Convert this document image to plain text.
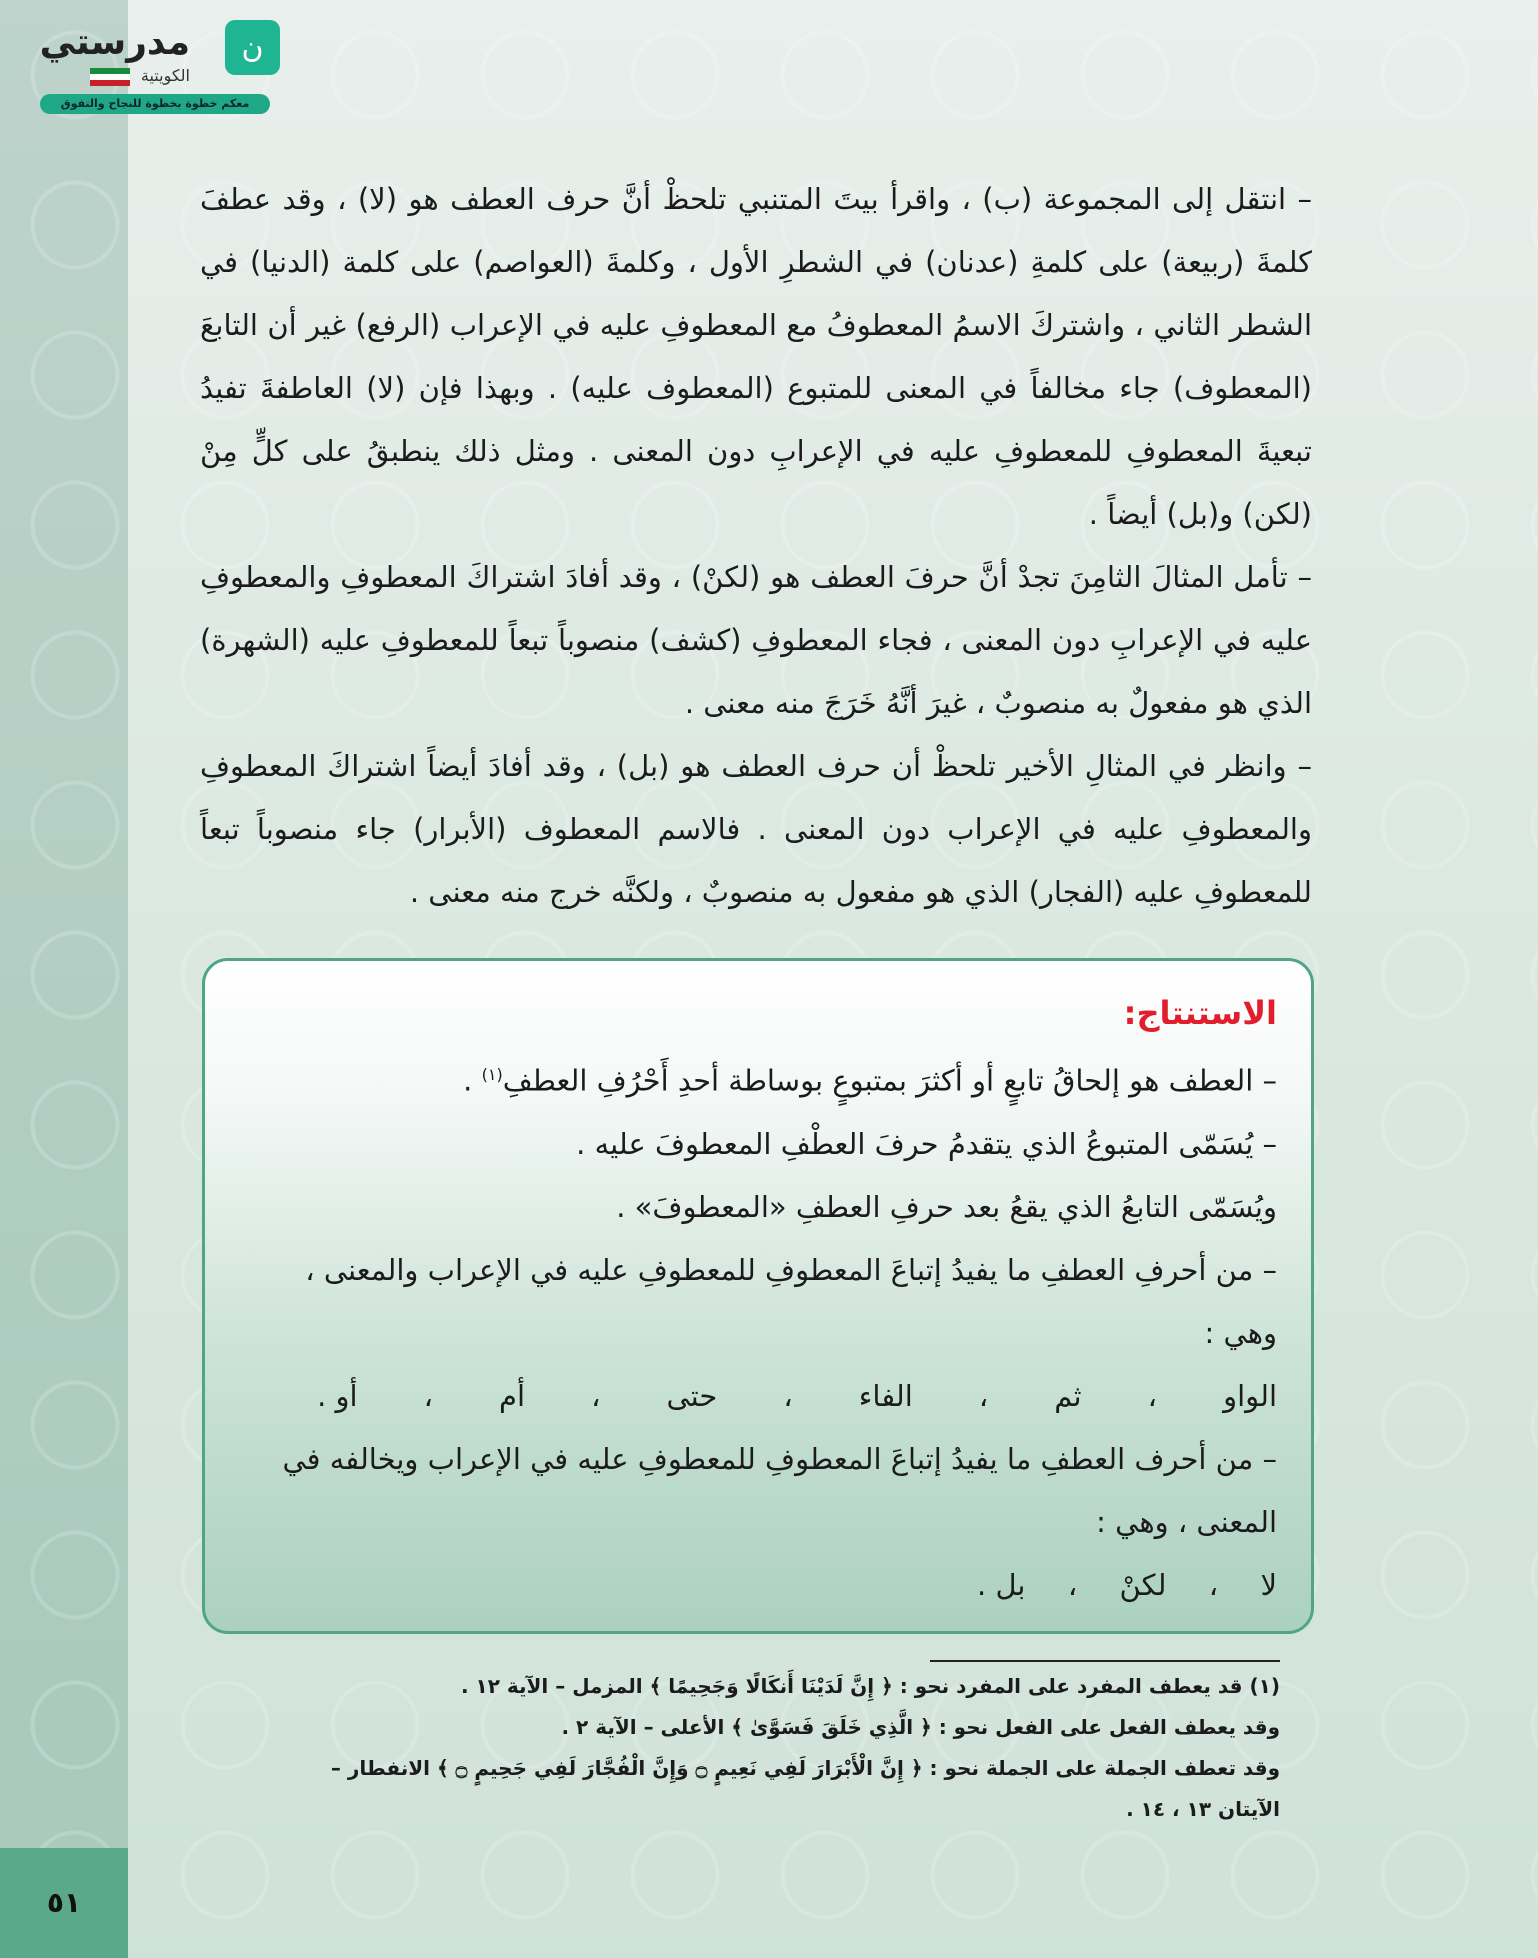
ن
مدرستي
الكويتية
معكم خطوة بخطوة للنجاح والتفوق

– انتقل إلى المجموعة (ب) ، واقرأ بيتَ المتنبي تلحظْ أنَّ حرف العطف هو (لا) ، وقد عطفَ كلمةَ (ربيعة) على كلمةِ (عدنان) في الشطرِ الأول ، وكلمةَ (العواصم) على كلمة (الدنيا) في الشطر الثاني ، واشتركَ الاسمُ المعطوفُ مع المعطوفِ عليه في الإعراب (الرفع) غير أن التابعَ (المعطوف) جاء مخالفاً في المعنى للمتبوع (المعطوف عليه) . وبهذا فإن (لا) العاطفةَ تفيدُ تبعيةَ المعطوفِ للمعطوفِ عليه في الإعرابِ دون المعنى . ومثل ذلك ينطبقُ على كلٍّ مِنْ (لكن) و(بل) أيضاً .

– تأمل المثالَ الثامِنَ تجدْ أنَّ حرفَ العطف هو (لكنْ) ، وقد أفادَ اشتراكَ المعطوفِ والمعطوفِ عليه في الإعرابِ دون المعنى ، فجاء المعطوفِ (كشف) منصوباً تبعاً للمعطوفِ عليه (الشهرة) الذي هو مفعولٌ به منصوبٌ ، غيرَ أنَّهُ خَرَجَ منه معنى .

– وانظر في المثالِ الأخير تلحظْ أن حرف العطف هو (بل) ، وقد أفادَ أيضاً اشتراكَ المعطوفِ والمعطوفِ عليه في الإعراب دون المعنى . فالاسم المعطوف (الأبرار) جاء منصوباً تبعاً للمعطوفِ عليه (الفجار) الذي هو مفعول به منصوبٌ ، ولكنَّه خرج منه معنى .

الاستنتاج:

– العطف هو إلحاقُ تابعٍ أو أكثرَ بمتبوعٍ بوساطة أحدِ أَحْرُفِ العطفِ$^{(١)}$ .

– يُسَمّى المتبوعُ الذي يتقدمُ حرفَ العطْفِ المعطوفَ عليه .

ويُسَمّى التابعُ الذي يقعُ بعد حرفِ العطفِ «المعطوفَ» .

– من أحرفِ العطفِ ما يفيدُ إتباعَ المعطوفِ للمعطوفِ عليه في الإعراب والمعنى ، وهي :

الواو
،
ثم
،
الفاء
،
حتى
،
أم
،
أو .

– من أحرف العطفِ ما يفيدُ إتباعَ المعطوفِ للمعطوفِ عليه في الإعراب ويخالفه في المعنى ، وهي :

لا
،
لكنْ
،
بل .
(١) قد يعطف المفرد على المفرد نحو : ﴿ إِنَّ لَدَيْنَا أَنكَالًا وَجَحِيمًا ﴾ المزمل – الآية ١٢ .
وقد يعطف الفعل على الفعل نحو : ﴿ الَّذِي خَلَقَ فَسَوَّىٰ ﴾ الأعلى – الآية ٢ .
وقد تعطف الجملة على الجملة نحو : ﴿ إِنَّ الْأَبْرَارَ لَفِي نَعِيمٍ ۝ وَإِنَّ الْفُجَّارَ لَفِي جَحِيمٍ ۝ ﴾ الانفطار – الآيتان ١٣ ، ١٤ .
٥١
